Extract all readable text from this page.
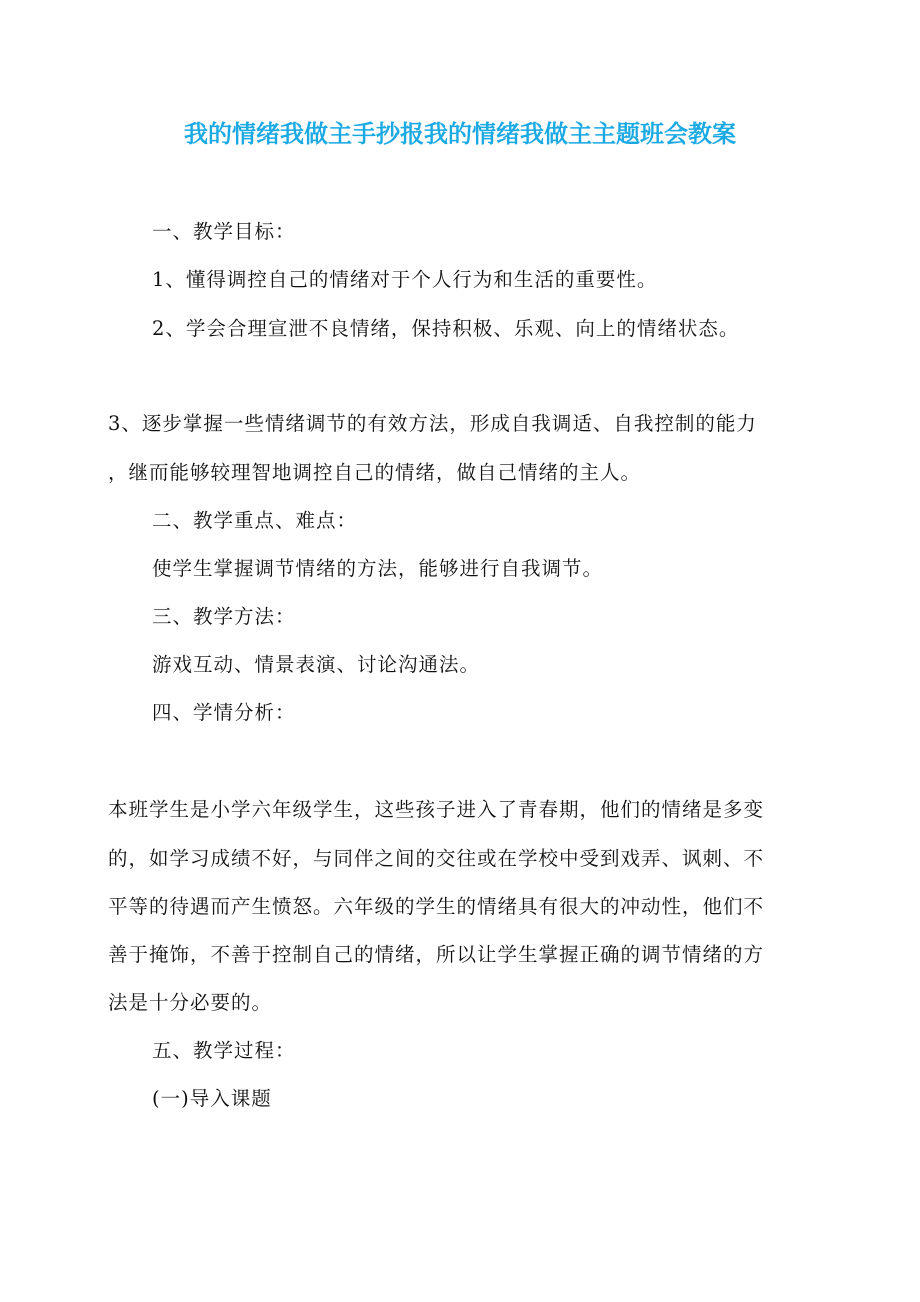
我的情绪我做主手抄报我的情绪我做主主题班会教案
一、教学目标：
1、懂得调控自己的情绪对于个人行为和生活的重要性。
2、学会合理宣泄不良情绪，保持积极、乐观、向上的情绪状态。
3、逐步掌握一些情绪调节的有效方法，形成自我调适、自我控制的能力
，继而能够较理智地调控自己的情绪，做自己情绪的主人。
二、教学重点、难点：
使学生掌握调节情绪的方法，能够进行自我调节。
三、教学方法：
游戏互动、情景表演、讨论沟通法。
四、学情分析：
本班学生是小学六年级学生，这些孩子进入了青春期，他们的情绪是多变
的，如学习成绩不好，与同伴之间的交往或在学校中受到戏弄、讽刺、不
平等的待遇而产生愤怒。六年级的学生的情绪具有很大的冲动性，他们不
善于掩饰，不善于控制自己的情绪，所以让学生掌握正确的调节情绪的方
法是十分必要的。
五、教学过程：
(一)导入课题
